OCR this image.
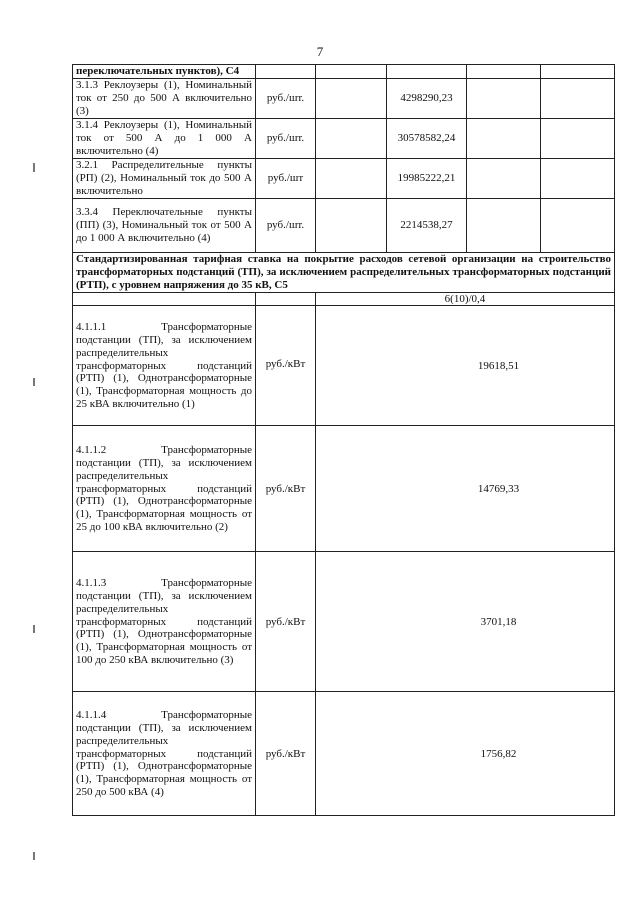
7
переключательных пунктов), С4					
3.1.3 Реклоузеры (1), Номинальный ток от 250 до 500 А включительно (3)	руб./шт.		4298290,23		
3.1.4 Реклоузеры (1), Номинальный ток от 500 А до 1 000 А включительно (4)	руб./шт.		30578582,24		
3.2.1 Распределительные пункты (РП) (2), Номинальный ток до 500 А включительно	руб./шт		19985222,21		
3.3.4 Переключательные пункты (ПП) (3), Номинальный ток от 500 А до 1 000 А включительно (4)	руб./шт.		2214538,27		
Стандартизированная тарифная ставка на покрытие расходов сетевой организации на строительство трансформаторных подстанций (ТП), за исключением распределительных трансформаторных подстанций (РТП), с уровнем напряжения до 35 кВ, С5					
		6(10)/0,4			
4.1.1.1 Трансформаторные подстанции (ТП), за исключением распределительных трансформаторных подстанций (РТП) (1), Однотрансформаторные (1), Трансформаторная мощность до 25 кВА включительно (1)	руб./кВт	19618,51			
4.1.1.2 Трансформаторные подстанции (ТП), за исключением распределительных трансформаторных подстанций (РТП) (1), Однотрансформаторные (1), Трансформаторная мощность от 25 до 100 кВА включительно (2)	руб./кВт	14769,33			
4.1.1.3 Трансформаторные подстанции (ТП), за исключением распределительных трансформаторных подстанций (РТП) (1), Однотрансформаторные (1), Трансформаторная мощность от 100 до 250 кВА включительно (3)	руб./кВт	3701,18			
4.1.1.4 Трансформаторные подстанции (ТП), за исключением распределительных трансформаторных подстанций (РТП) (1), Однотрансформаторные (1), Трансформаторная мощность от 250 до 500 кВА (4)	руб./кВт	1756,82			
